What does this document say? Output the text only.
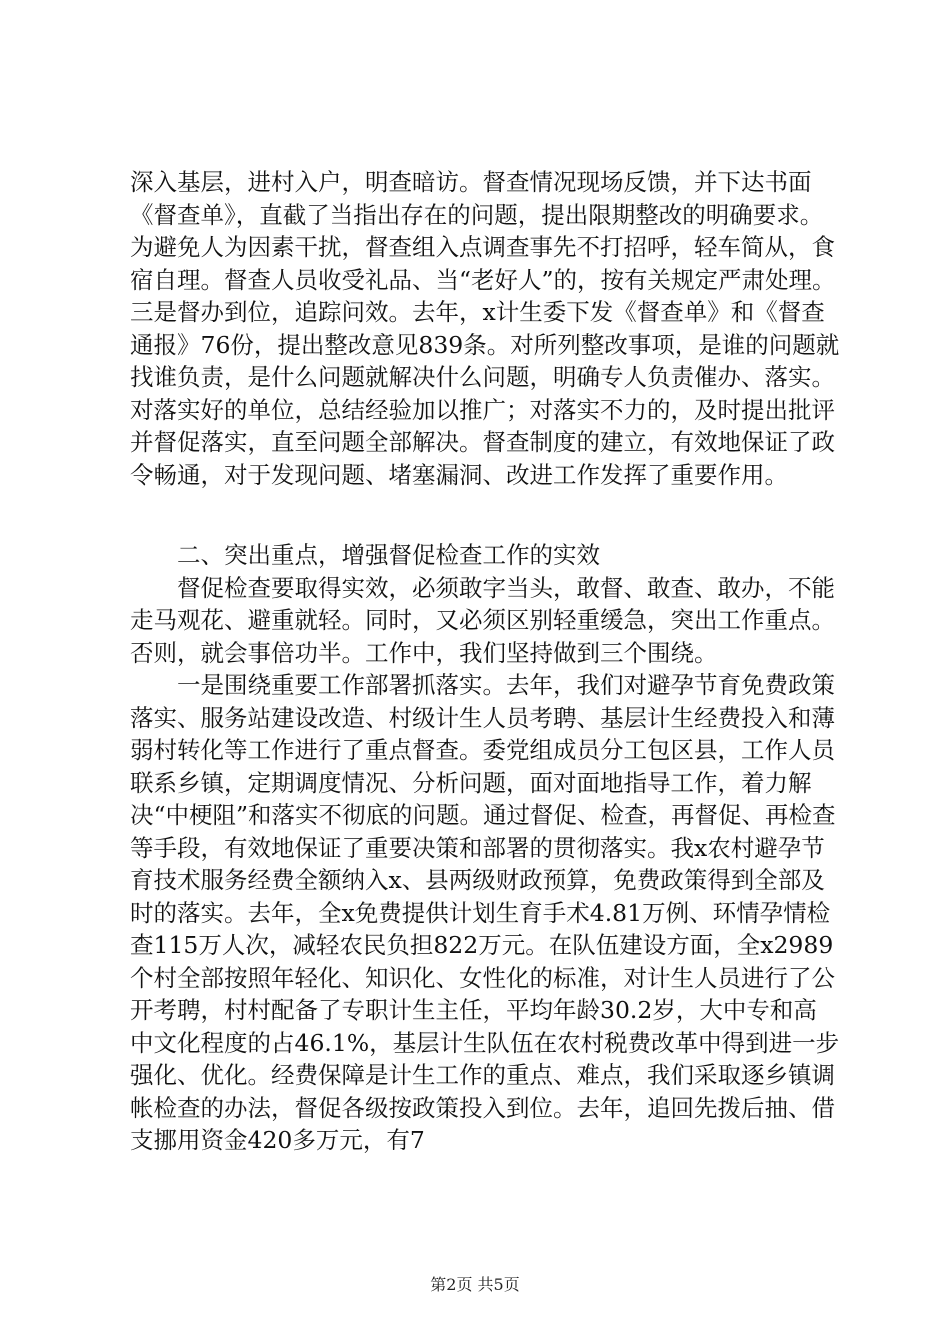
深入基层，进村入户，明查暗访。督查情况现场反馈，并下达书面《督查单》，直截了当指出存在的问题，提出限期整改的明确要求。为避免人为因素干扰，督查组入点调查事先不打招呼，轻车简从，食宿自理。督查人员收受礼品、当“老好人”的，按有关规定严肃处理。三是督办到位，追踪问效。去年，x计生委下发《督查单》和《督查通报》76份，提出整改意见839条。对所列整改事项，是谁的问题就找谁负责，是什么问题就解决什么问题，明确专人负责催办、落实。对落实好的单位，总结经验加以推广；对落实不力的，及时提出批评并督促落实，直至问题全部解决。督查制度的建立，有效地保证了政令畅通，对于发现问题、堵塞漏洞、改进工作发挥了重要作用。

二、突出重点，增强督促检查工作的实效

督促检查要取得实效，必须敢字当头，敢督、敢查、敢办，不能走马观花、避重就轻。同时，又必须区别轻重缓急，突出工作重点。否则，就会事倍功半。工作中，我们坚持做到三个围绕。

一是围绕重要工作部署抓落实。去年，我们对避孕节育免费政策落实、服务站建设改造、村级计生人员考聘、基层计生经费投入和薄弱村转化等工作进行了重点督查。委党组成员分工包区县，工作人员联系乡镇，定期调度情况、分析问题，面对面地指导工作，着力解决“中梗阻”和落实不彻底的问题。通过督促、检查，再督促、再检查等手段，有效地保证了重要决策和部署的贯彻落实。我x农村避孕节育技术服务经费全额纳入x、县两级财政预算，免费政策得到全部及时的落实。去年，全x免费提供计划生育手术4.81万例、环情孕情检查115万人次，减轻农民负担822万元。在队伍建设方面，全x2989个村全部按照年轻化、知识化、女性化的标准，对计生人员进行了公开考聘，村村配备了专职计生主任，平均年龄30.2岁，大中专和高中文化程度的占46.1%，基层计生队伍在农村税费改革中得到进一步强化、优化。经费保障是计生工作的重点、难点，我们采取逐乡镇调帐检查的办法，督促各级按政策投入到位。去年，追回先拨后抽、借支挪用资金420多万元，有7

第2页 共5页
